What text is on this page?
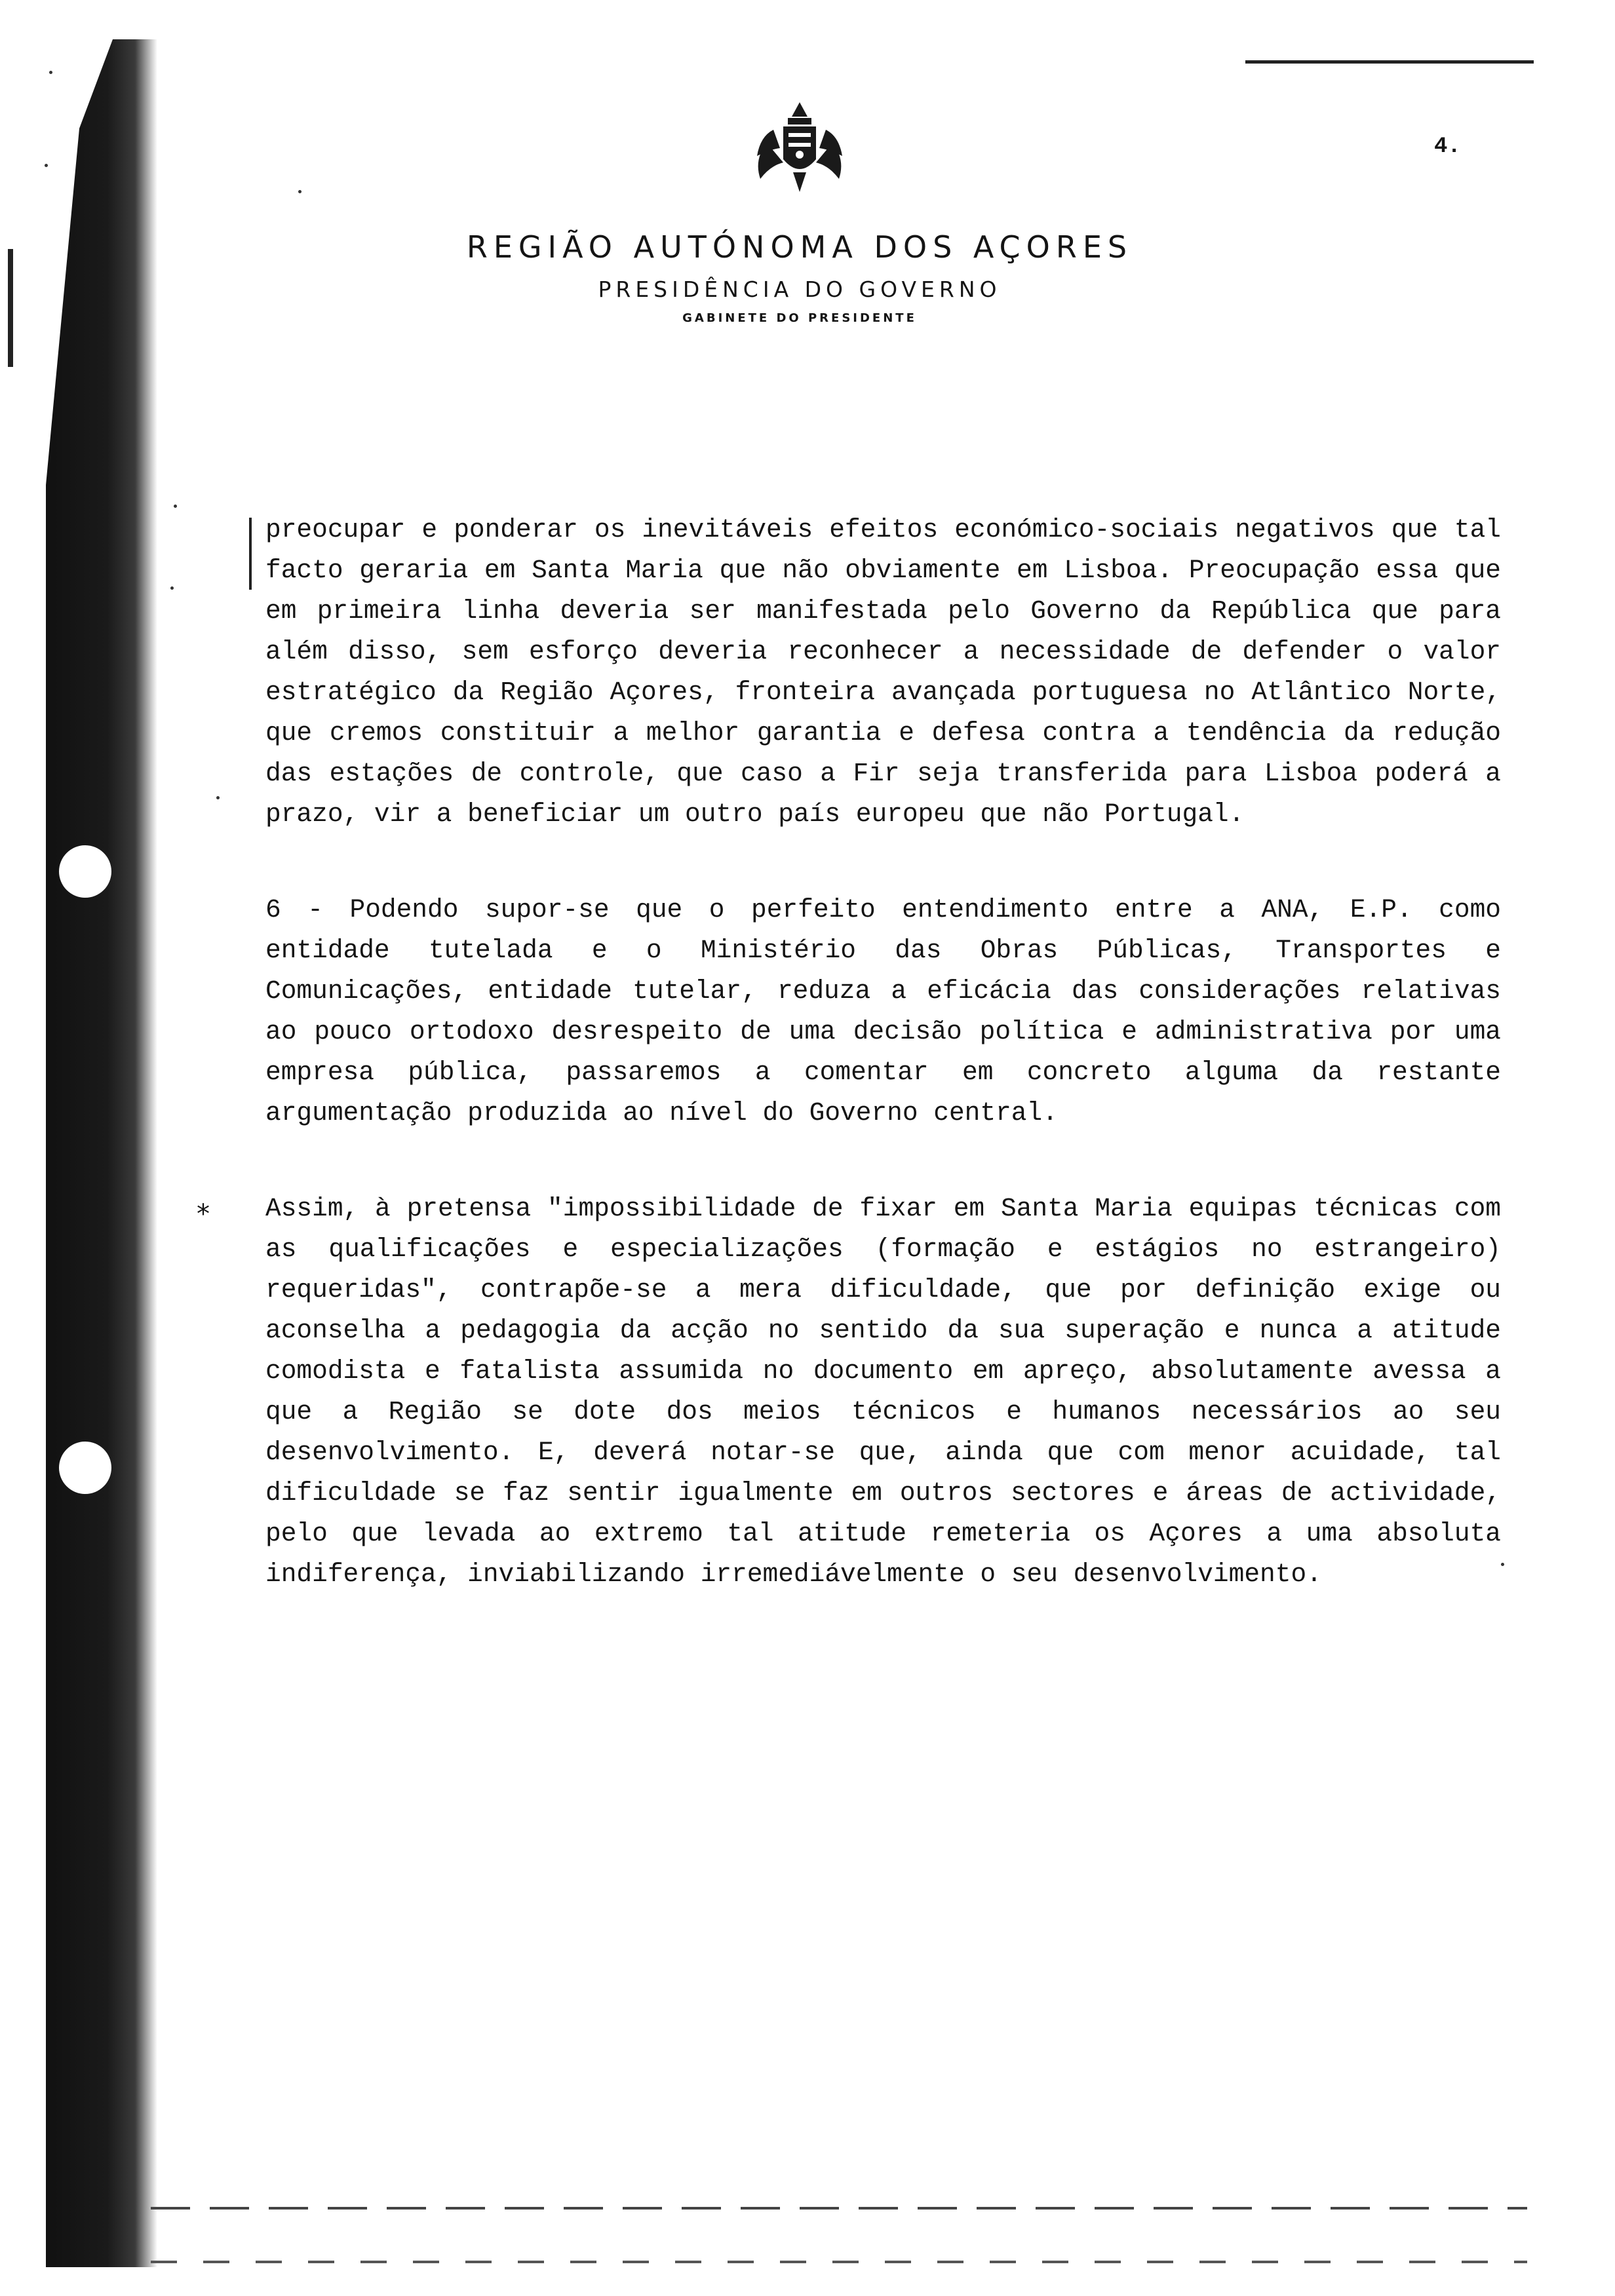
4.
REGIÃO AUTÓNOMA DOS AÇORES
PRESIDÊNCIA DO GOVERNO
GABINETE DO PRESIDENTE
*

preocupar e ponderar os inevitáveis efeitos económico-sociais negativos que tal facto geraria em Santa Maria que não obviamente em Lisboa. Preocupação essa que em primeira linha deveria ser manifestada pelo Governo da República que para além disso, sem esforço deveria reconhecer a necessidade de defender o valor estratégico da Região Açores, fronteira avançada portuguesa no Atlântico Norte, que cremos constituir a melhor garantia e defesa contra a tendência da redução das estações de controle, que caso a Fir seja transferida para Lisboa poderá a prazo, vir a beneficiar um outro país europeu que não Portugal.

6 - Podendo supor-se que o perfeito entendimento entre a ANA, E.P. como entidade tutelada e o Ministério das Obras Públicas, Transportes e Comunicações, entidade tutelar, reduza a eficácia das considerações relativas ao pouco ortodoxo desrespeito de uma decisão política e administrativa por uma empresa pública, passaremos a comentar em concreto alguma da restante argumentação produzida ao nível do Governo central.

Assim, à pretensa "impossibilidade de fixar em Santa Maria equipas técnicas com as qualificações e especializações (formação e estágios no estrangeiro) requeridas", contrapõe-se a mera dificuldade, que por definição exige ou aconselha a pedagogia da acção no sentido da sua superação e nunca a atitude comodista e fatalista assumida no documento em apreço, absolutamente avessa a que a Região se dote dos meios técnicos e humanos necessários ao seu desenvolvimento. E, deverá notar-se que, ainda que com menor acuidade, tal dificuldade se faz sentir igualmente em outros sectores e áreas de actividade, pelo que levada ao extremo tal atitude remeteria os Açores a uma absoluta indiferença, inviabilizando irremediávelmente o seu desenvolvimento.
